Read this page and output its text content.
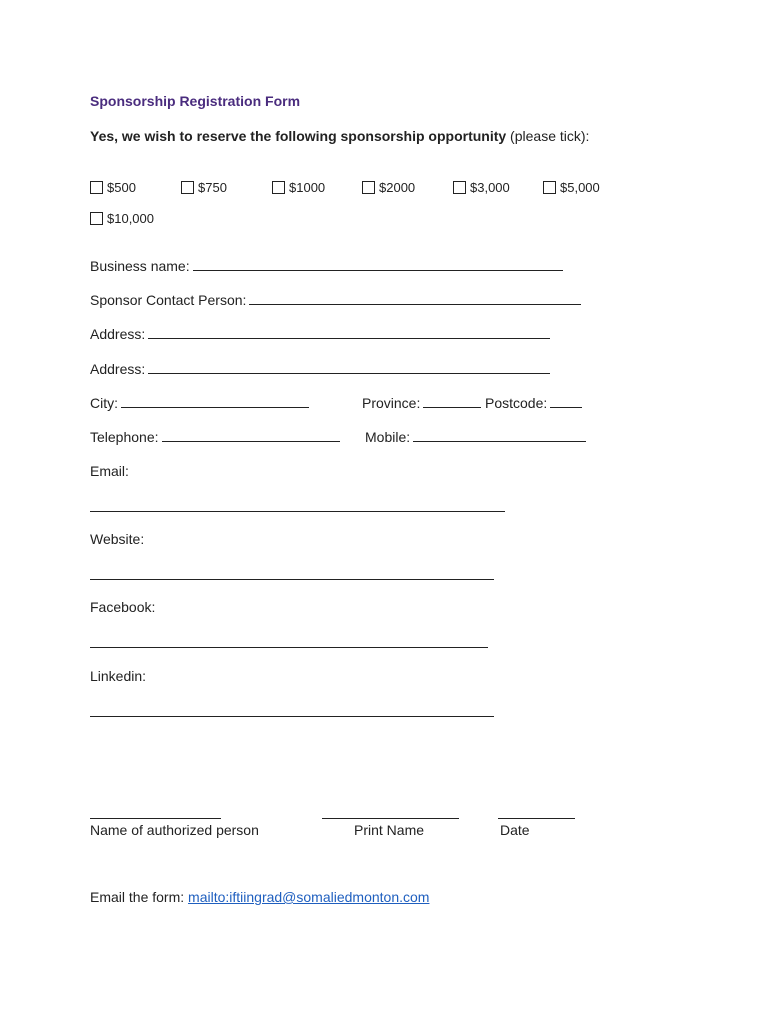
Sponsorship Registration Form
Yes, we wish to reserve the following sponsorship opportunity (please tick):
$500	$750	$1000	$2000	$3,000	$5,000
$10,000
Business name:
Sponsor Contact Person:
Address:
Address:
City:	Province:	Postcode:
Telephone:	Mobile:
Email:
Website:
Facebook:
Linkedin:
Name of authorized person	Print Name	Date
Email the form: mailto:iftiingrad@somaliedmonton.com
